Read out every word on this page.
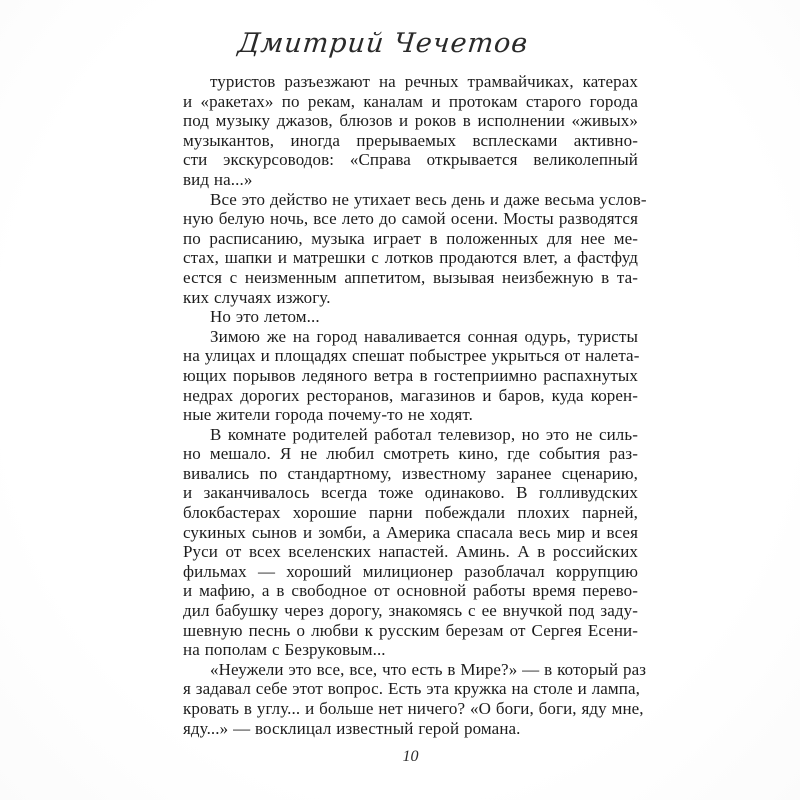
Дмитрий Чечетов
туристов разъезжают на речных трамвайчиках, катерах
и «ракетах» по рекам, каналам и протокам старого города
под музыку джазов, блюзов и роков в исполнении «живых»
музыкантов, иногда прерываемых всплесками активно-
сти экскурсоводов: «Справа открывается великолепный
вид на...»
Все это действо не утихает весь день и даже весьма услов-
ную белую ночь, все лето до самой осени. Мосты разводятся
по расписанию, музыка играет в положенных для нее ме-
стах, шапки и матрешки с лотков продаются влет, а фастфуд
естся с неизменным аппетитом, вызывая неизбежную в та-
ких случаях изжогу.
Но это летом...
Зимою же на город наваливается сонная одурь, туристы
на улицах и площадях спешат побыстрее укрыться от налета-
ющих порывов ледяного ветра в гостеприимно распахнутых
недрах дорогих ресторанов, магазинов и баров, куда корен-
ные жители города почему-то не ходят.
В комнате родителей работал телевизор, но это не силь-
но мешало. Я не любил смотреть кино, где события раз-
вивались по стандартному, известному заранее сценарию,
и заканчивалось всегда тоже одинаково. В голливудских
блокбастерах хорошие парни побеждали плохих парней,
сукиных сынов и зомби, а Америка спасала весь мир и всея
Руси от всех вселенских напастей. Аминь. А в российских
фильмах — хороший милиционер разоблачал коррупцию
и мафию, а в свободное от основной работы время перево-
дил бабушку через дорогу, знакомясь с ее внучкой под заду-
шевную песнь о любви к русским березам от Сергея Есени-
на пополам с Безруковым...
«Неужели это все, все, что есть в Мире?» — в который раз
я задавал себе этот вопрос. Есть эта кружка на столе и лампа,
кровать в углу... и больше нет ничего? «О боги, боги, яду мне,
яду...» — восклицал известный герой романа.
10
